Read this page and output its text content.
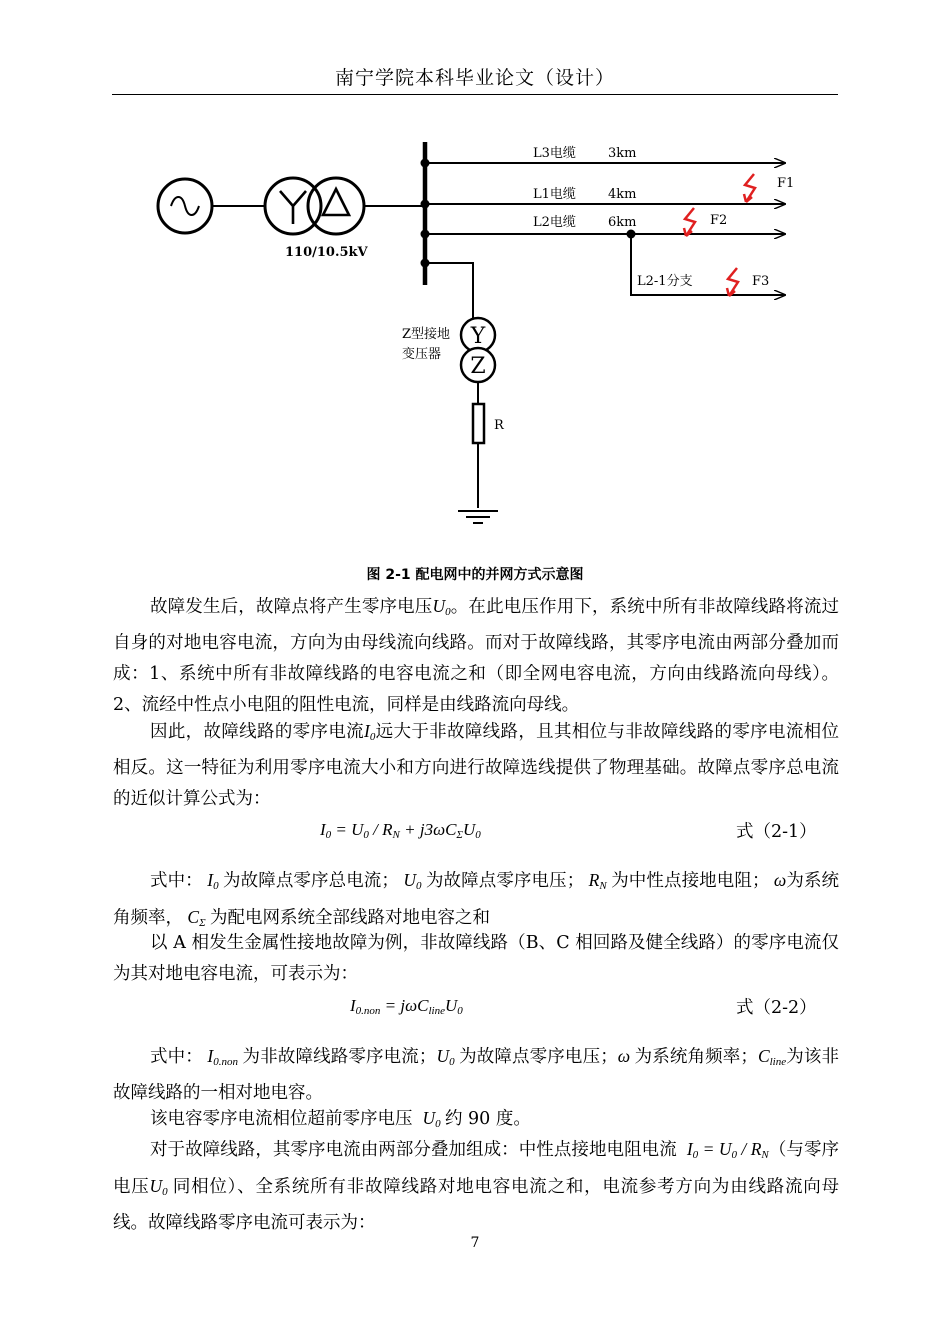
南宁学院本科毕业论文（设计）
110/10.5kV
L3电缆 3km
L1电缆 4km
L2电缆 6km
L2-1分支
F1
F2
F3
Y
Z
Z型接地
变压器
R
图 2-1 配电网中的并网方式示意图
故障发生后，故障点将产生零序电压$U_0$。在此电压作用下，系统中所有非故障线路将流过自身的对地电容电流，方向为由母线流向线路。而对于故障线路，其零序电流由两部分叠加而成：1、系统中所有非故障线路的电容电流之和（即全网电容电流，方向由线路流向母线）。2、流经中性点小电阻的阻性电流，同样是由线路流向母线。
因此，故障线路的零序电流$I_0$远大于非故障线路，且其相位与非故障线路的零序电流相位相反。这一特征为利用零序电流大小和方向进行故障选线提供了物理基础。故障点零序总电流的近似计算公式为：
$I_0 = U_0 / R_N + j3\omega C_\Sigma U_0$	式（2-1）
式中： $I_0$ 为故障点零序总电流； $U_0$ 为故障点零序电压； $R_N$ 为中性点接地电阻； ω为系统角频率， $C_\Sigma$ 为配电网系统全部线路对地电容之和
以 A 相发生金属性接地故障为例，非故障线路（B、C 相回路及健全线路）的零序电流仅为其对地电容电流，可表示为：
$I_{0.non} = j\omega C_{line}U_0$	式（2-2）
式中： $I_{0.non}$ 为非故障线路零序电流；$U_0$ 为故障点零序电压；ω 为系统角频率；$C_{line}$为该非故障线路的一相对地电容。
该电容零序电流相位超前零序电压  $U_0$ 约 90 度。
对于故障线路，其零序电流由两部分叠加组成：中性点接地电阻电流  $I_0 = U_0 / R_N$（与零序电压$U_0$ 同相位）、全系统所有非故障线路对地电容电流之和，电流参考方向为由线路流向母线。故障线路零序电流可表示为：
7
